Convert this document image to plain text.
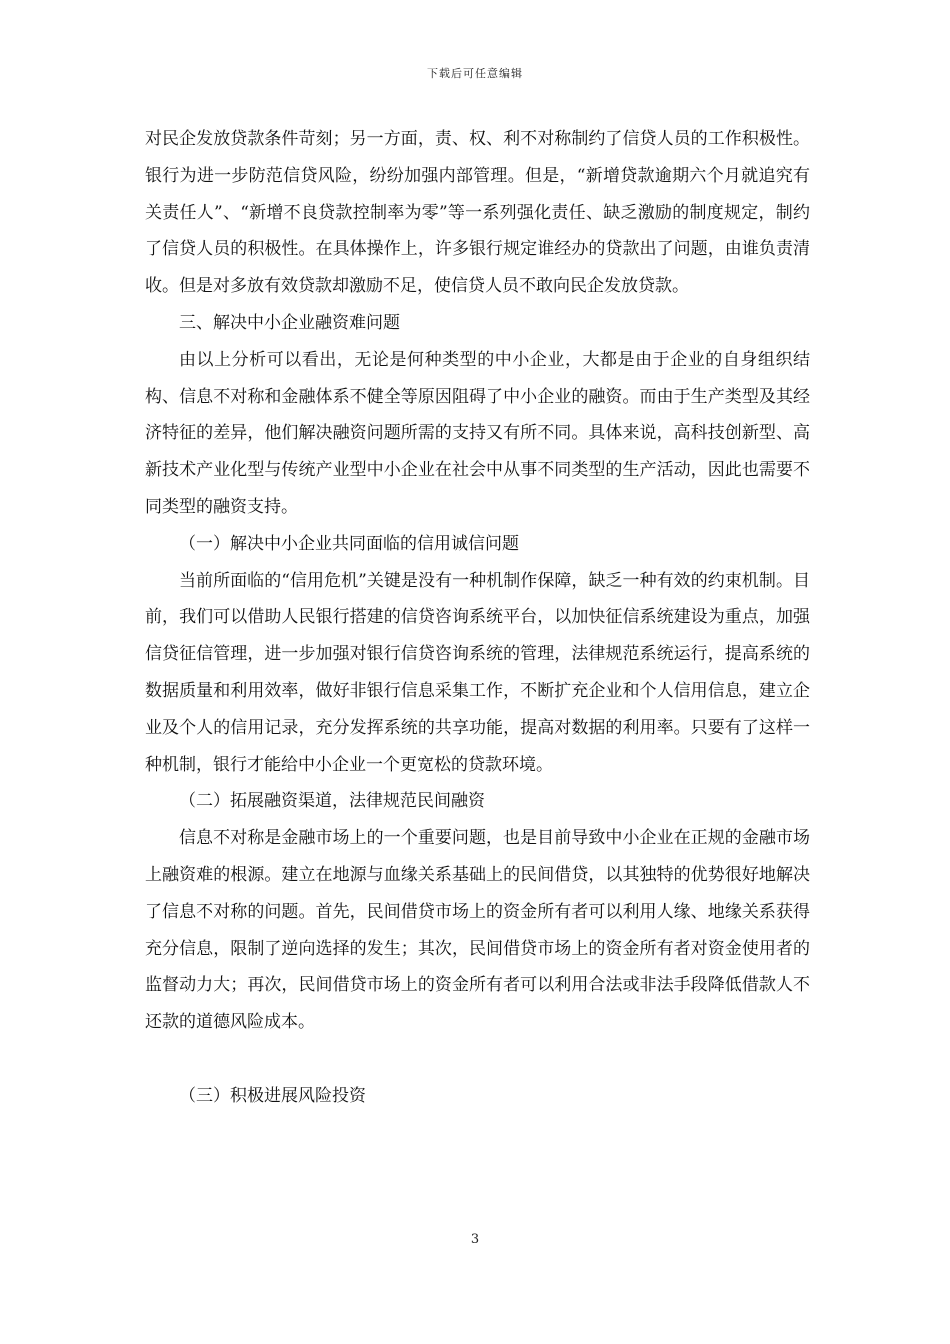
下载后可任意编辑

对民企发放贷款条件苛刻；另一方面，责、权、利不对称制约了信贷人员的工作积极性。银行为进一步防范信贷风险，纷纷加强内部管理。但是，“新增贷款逾期六个月就追究有关责任人”、“新增不良贷款控制率为零”等一系列强化责任、缺乏激励的制度规定，制约了信贷人员的积极性。在具体操作上，许多银行规定谁经办的贷款出了问题，由谁负责清收。但是对多放有效贷款却激励不足，使信贷人员不敢向民企发放贷款。

三、解决中小企业融资难问题

由以上分析可以看出，无论是何种类型的中小企业，大都是由于企业的自身组织结构、信息不对称和金融体系不健全等原因阻碍了中小企业的融资。而由于生产类型及其经济特征的差异，他们解决融资问题所需的支持又有所不同。具体来说，高科技创新型、高新技术产业化型与传统产业型中小企业在社会中从事不同类型的生产活动，因此也需要不同类型的融资支持。

（一）解决中小企业共同面临的信用诚信问题

当前所面临的“信用危机”关键是没有一种机制作保障，缺乏一种有效的约束机制。目前，我们可以借助人民银行搭建的信贷咨询系统平台，以加快征信系统建设为重点，加强信贷征信管理，进一步加强对银行信贷咨询系统的管理，法律规范系统运行，提高系统的数据质量和利用效率，做好非银行信息采集工作，不断扩充企业和个人信用信息，建立企业及个人的信用记录，充分发挥系统的共享功能，提高对数据的利用率。只要有了这样一种机制，银行才能给中小企业一个更宽松的贷款环境。

（二）拓展融资渠道，法律规范民间融资

信息不对称是金融市场上的一个重要问题，也是目前导致中小企业在正规的金融市场上融资难的根源。建立在地源与血缘关系基础上的民间借贷，以其独特的优势很好地解决了信息不对称的问题。首先，民间借贷市场上的资金所有者可以利用人缘、地缘关系获得充分信息，限制了逆向选择的发生；其次，民间借贷市场上的资金所有者对资金使用者的监督动力大；再次，民间借贷市场上的资金所有者可以利用合法或非法手段降低借款人不还款的道德风险成本。

（三）积极进展风险投资

3
